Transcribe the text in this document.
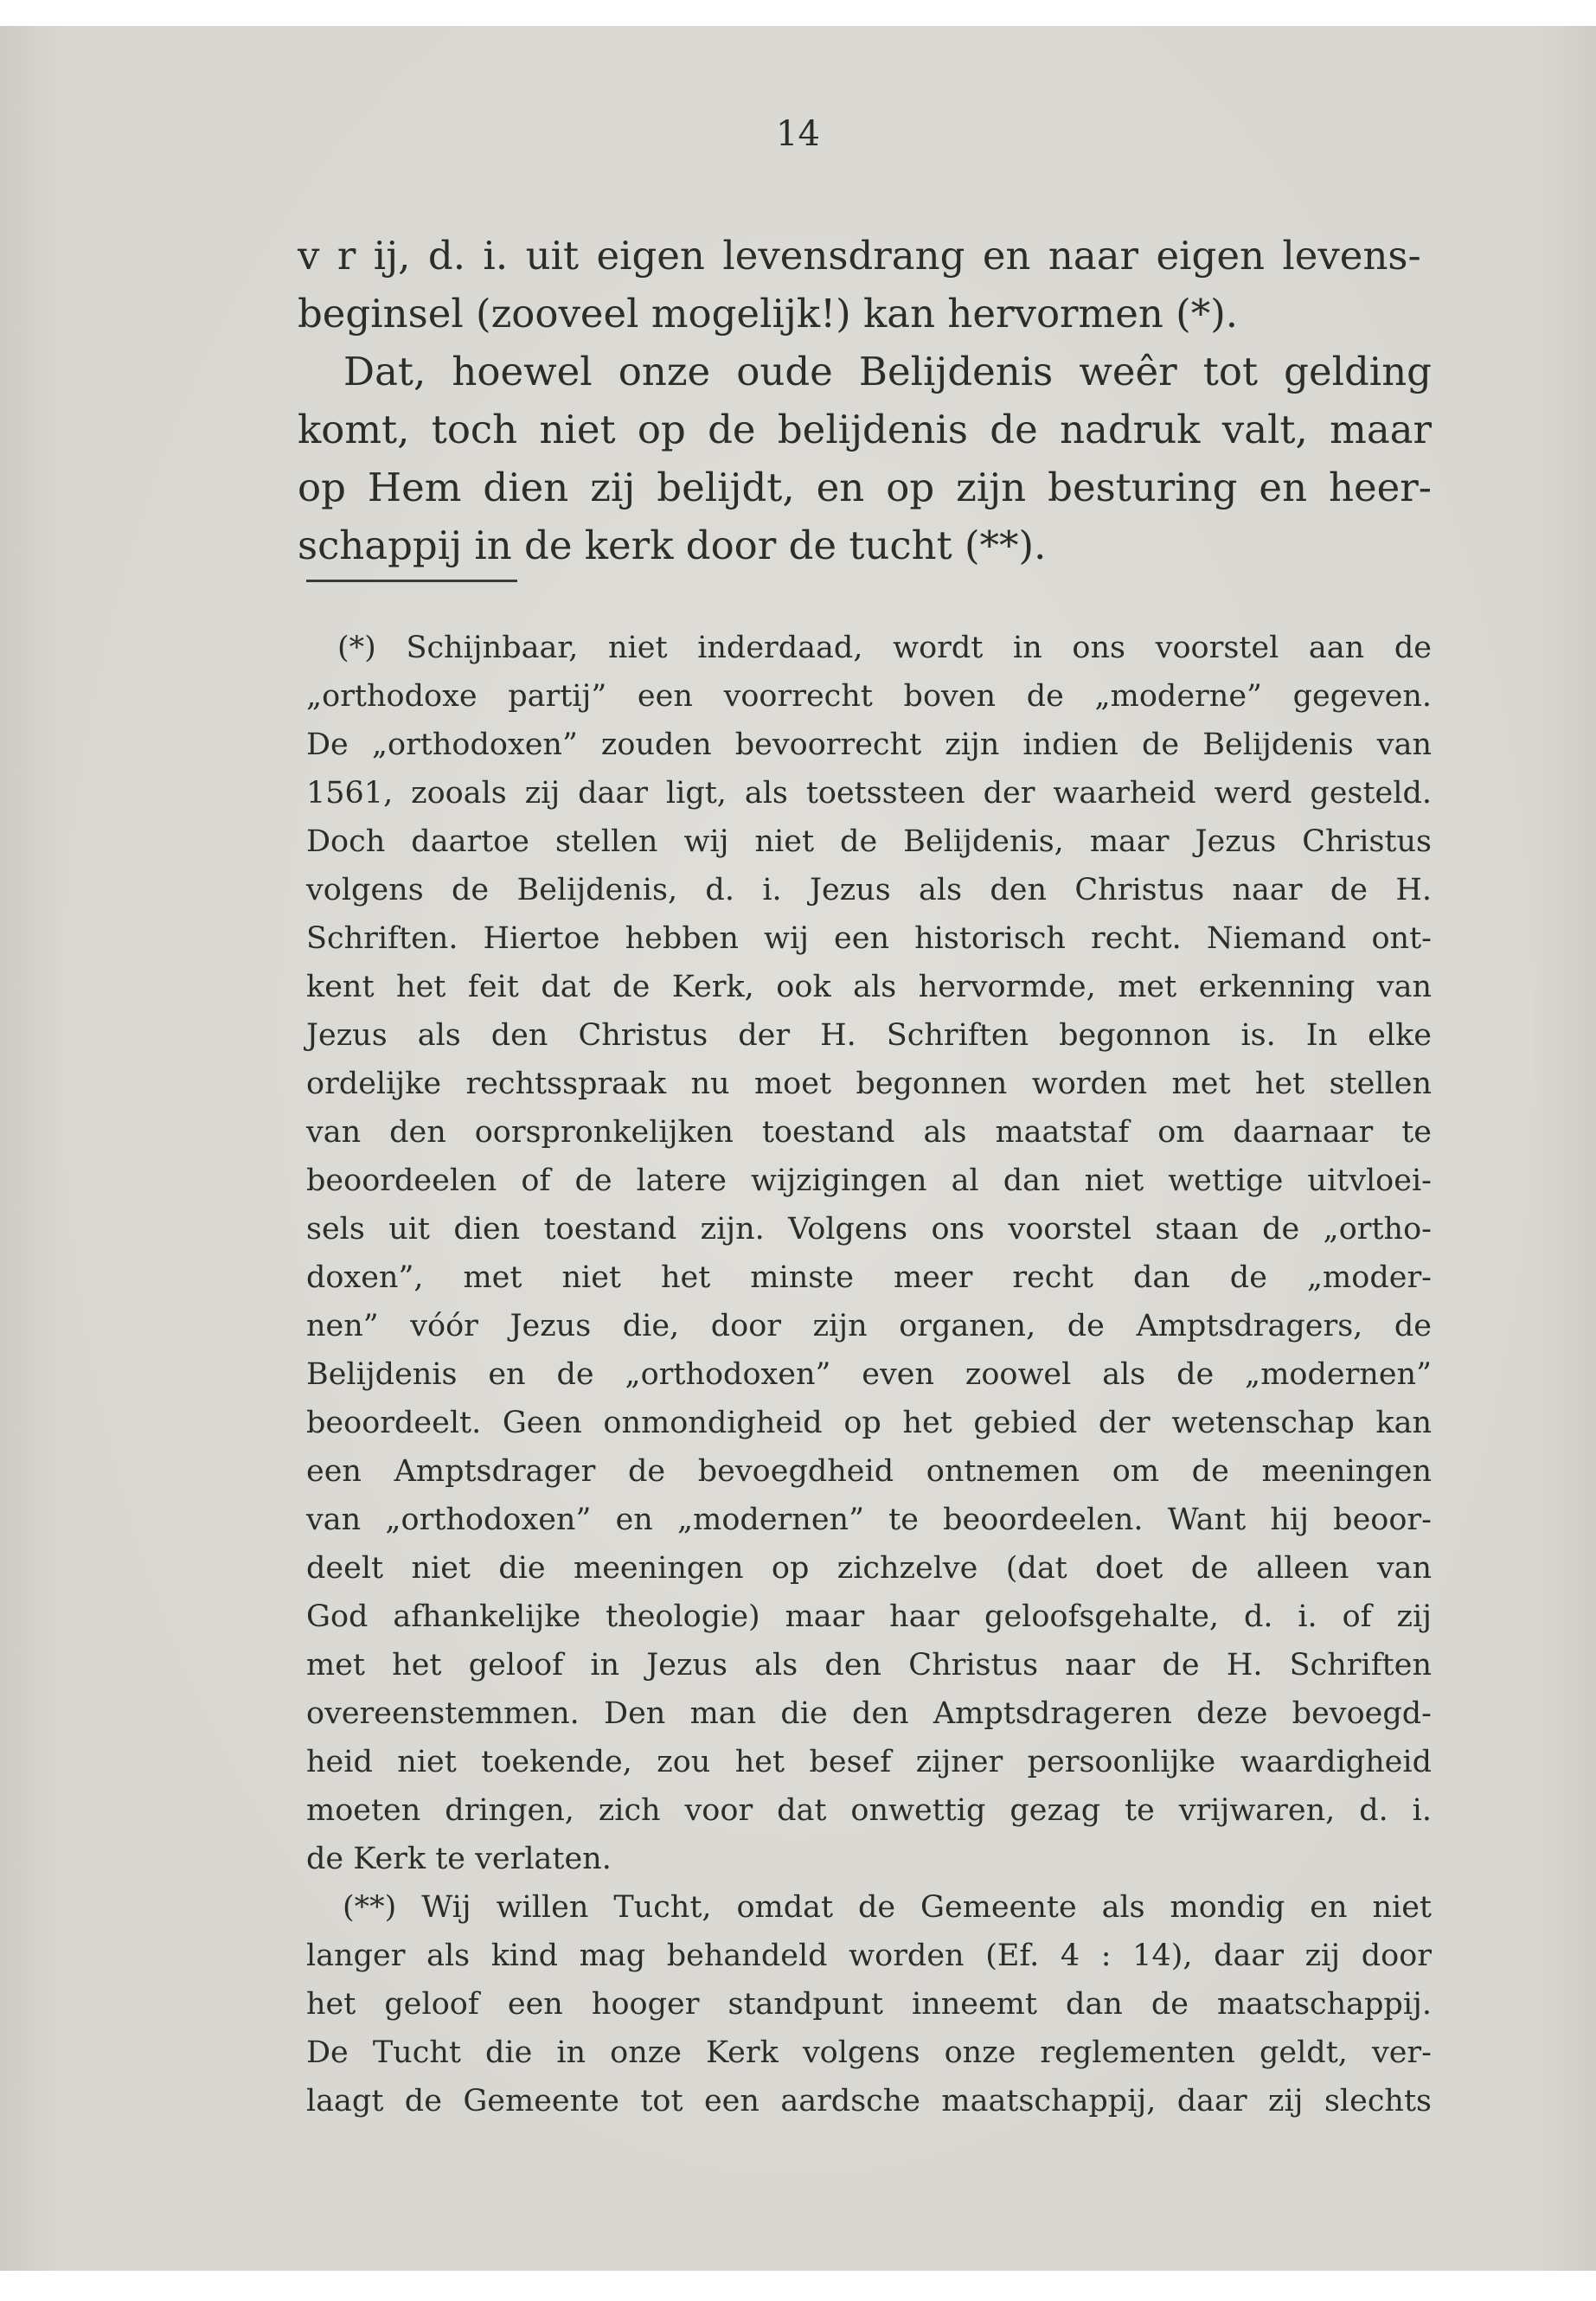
14
v r ij, d. i. uit eigen levensdrang en naar eigen levens-
beginsel (zooveel mogelijk!) kan hervormen (*).
Dat, hoewel onze oude Belijdenis weêr tot gelding
komt, toch niet op de belijdenis de nadruk valt, maar
op Hem dien zij belijdt, en op zijn besturing en heer-
schappij in de kerk door de tucht (**).
(*) Schijnbaar, niet inderdaad, wordt in ons voorstel aan de
„orthodoxe partij” een voorrecht boven de „moderne” gegeven.
De „orthodoxen” zouden bevoorrecht zijn indien de Belijdenis van
1561, zooals zij daar ligt, als toetssteen der waarheid werd gesteld.
Doch daartoe stellen wij niet de Belijdenis, maar Jezus Christus
volgens de Belijdenis, d. i. Jezus als den Christus naar de H.
Schriften. Hiertoe hebben wij een historisch recht. Niemand ont-
kent het feit dat de Kerk, ook als hervormde, met erkenning van
Jezus als den Christus der H. Schriften begonnon is. In elke
ordelijke rechtsspraak nu moet begonnen worden met het stellen
van den oorspronkelijken toestand als maatstaf om daarnaar te
beoordeelen of de latere wijzigingen al dan niet wettige uitvloei-
sels uit dien toestand zijn. Volgens ons voorstel staan de „ortho-
doxen”, met niet het minste meer recht dan de „moder-
nen” vóór Jezus die, door zijn organen, de Amptsdragers, de
Belijdenis en de „orthodoxen” even zoowel als de „modernen”
beoordeelt. Geen onmondigheid op het gebied der wetenschap kan
een Amptsdrager de bevoegdheid ontnemen om de meeningen
van „orthodoxen” en „modernen” te beoordeelen. Want hij beoor-
deelt niet die meeningen op zichzelve (dat doet de alleen van
God afhankelijke theologie) maar haar geloofsgehalte, d. i. of zij
met het geloof in Jezus als den Christus naar de H. Schriften
overeenstemmen. Den man die den Amptsdrageren deze bevoegd-
heid niet toekende, zou het besef zijner persoonlijke waardigheid
moeten dringen, zich voor dat onwettig gezag te vrijwaren, d. i.
de Kerk te verlaten.
(**) Wij willen Tucht, omdat de Gemeente als mondig en niet
langer als kind mag behandeld worden (Ef. 4 : 14), daar zij door
het geloof een hooger standpunt inneemt dan de maatschappij.
De Tucht die in onze Kerk volgens onze reglementen geldt, ver-
laagt de Gemeente tot een aardsche maatschappij, daar zij slechts
